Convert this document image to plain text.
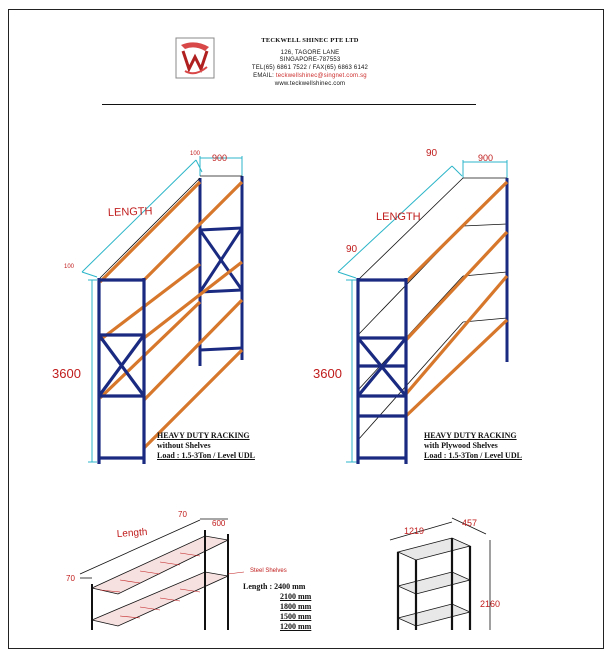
TECKWELL SHINEC PTE LTD
126, TAGORE LANE
SINGAPORE-787553
TEL(65) 6861 7522 / FAX(65) 6863 6142
EMAIL: teckwellshinec@singnet.com.sg
www.teckwellshinec.com
LENGTH
900
100
100
3600
LENGTH
900
90
90
3600
Length
70
600
70
Steel Shelves
1219
457
2160
HEAVY DUTY RACKING
without Shelves
Load : 1.5-3Ton / Level UDL
HEAVY DUTY RACKING
with Plywood Shelves
Load : 1.5-3Ton / Level UDL
Length : 2400 mm
2100 mm
1800 mm
1500 mm
1200 mm
